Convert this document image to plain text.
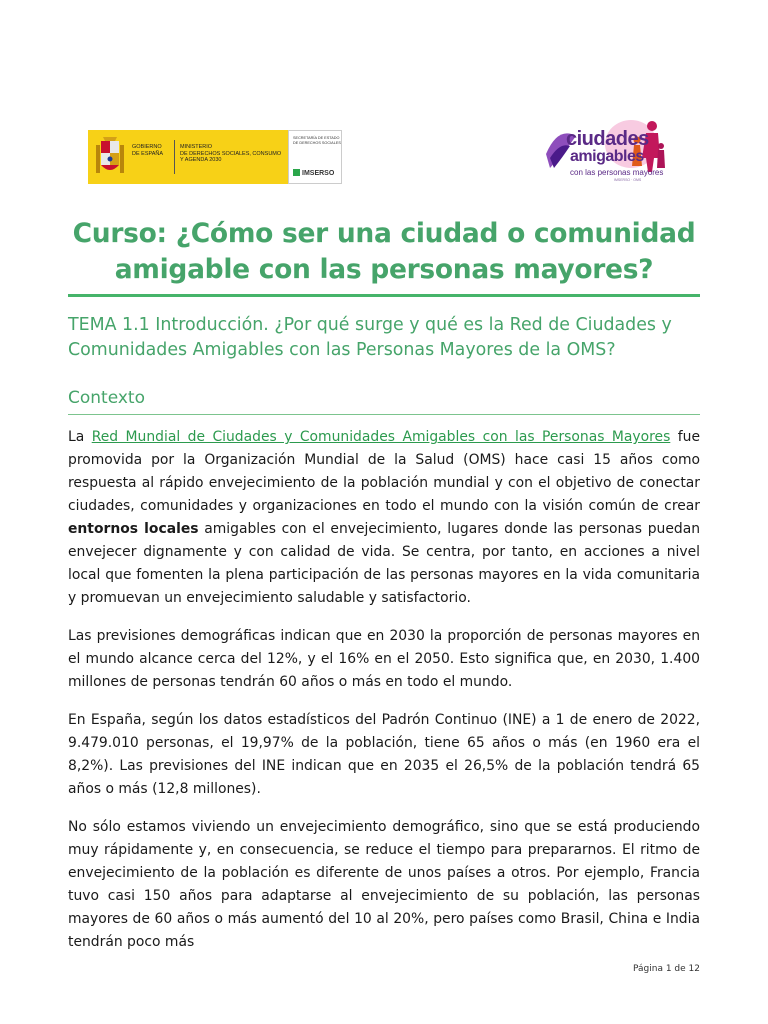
GOBIERNO
DE ESPAÑA
MINISTERIO
DE DERECHOS SOCIALES, CONSUMO
Y AGENDA 2030
SECRETARÍA DE ESTADO
DE DERECHOS SOCIALES
IMSERSO
ciudades
amigables
con las personas mayores
IMSERSO · OMS
Curso: ¿Cómo ser una ciudad o comunidad amigable con las personas mayores?
TEMA 1.1 Introducción. ¿Por qué surge y qué es la Red de Ciudades y Comunidades Amigables con las Personas Mayores de la OMS?
Contexto

La Red Mundial de Ciudades y Comunidades Amigables con las Personas Mayores fue promovida por la Organización Mundial de la Salud (OMS) hace casi 15 años como respuesta al rápido envejecimiento de la población mundial y con el objetivo de conectar ciudades, comunidades y organizaciones en todo el mundo con la visión común de crear entornos locales amigables con el envejecimiento, lugares donde las personas puedan envejecer dignamente y con calidad de vida. Se centra, por tanto, en acciones a nivel local que fomenten la plena participación de las personas mayores en la vida comunitaria y promuevan un envejecimiento saludable y satisfactorio.

Las previsiones demográficas indican que en 2030 la proporción de personas mayores en el mundo alcance cerca del 12%, y el 16% en el 2050. Esto significa que, en 2030, 1.400 millones de personas tendrán 60 años o más en todo el mundo.

En España, según los datos estadísticos del Padrón Continuo (INE) a 1 de enero de 2022, 9.479.010 personas, el 19,97% de la población, tiene 65 años o más (en 1960 era el 8,2%). Las previsiones del INE indican que en 2035 el 26,5% de la población tendrá 65 años o más (12,8 millones).

No sólo estamos viviendo un envejecimiento demográfico, sino que se está produciendo muy rápidamente y, en consecuencia, se reduce el tiempo para prepararnos. El ritmo de envejecimiento de la población es diferente de unos países a otros. Por ejemplo, Francia tuvo casi 150 años para adaptarse al envejecimiento de su población, las personas mayores de 60 años o más aumentó del 10 al 20%, pero países como Brasil, China e India tendrán poco más

Página 1 de 12
